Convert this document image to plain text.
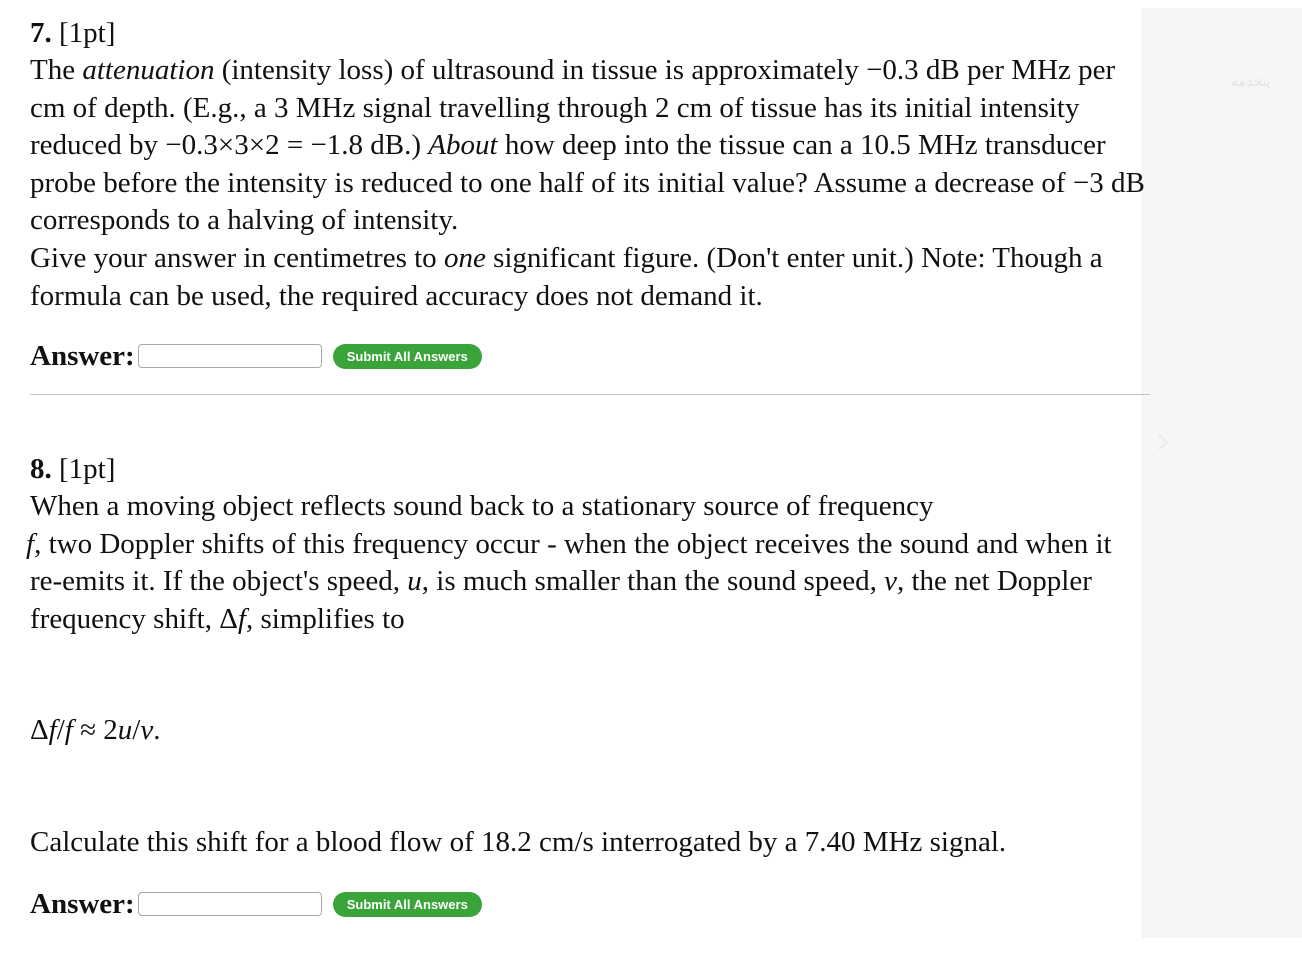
يتخدمه
›
7. [1pt]
The attenuation (intensity loss) of ultrasound in tissue is approximately −0.3 dB per MHz per cm of depth. (E.g., a 3 MHz signal travelling through 2 cm of tissue has its initial intensity reduced by −0.3×3×2 = −1.8 dB.) About how deep into the tissue can a 10.5 MHz transducer probe before the intensity is reduced to one half of its initial value? Assume a decrease of −3 dB corresponds to a halving of intensity.
Give your answer in centimetres to one significant figure. (Don't enter unit.) Note: Though a formula can be used, the required accuracy does not demand it.
Answer:	Submit All Answers
8. [1pt]
When a moving object reflects sound back to a stationary source of frequency
f, two Doppler shifts of this frequency occur - when the object receives the sound and when it re-emits it. If the object's speed, u, is much smaller than the sound speed, v, the net Doppler frequency shift, Δf, simplifies to
Δf/f ≈ 2u/v.
Calculate this shift for a blood flow of 18.2 cm/s interrogated by a 7.40 MHz signal.
Answer:	Submit All Answers
